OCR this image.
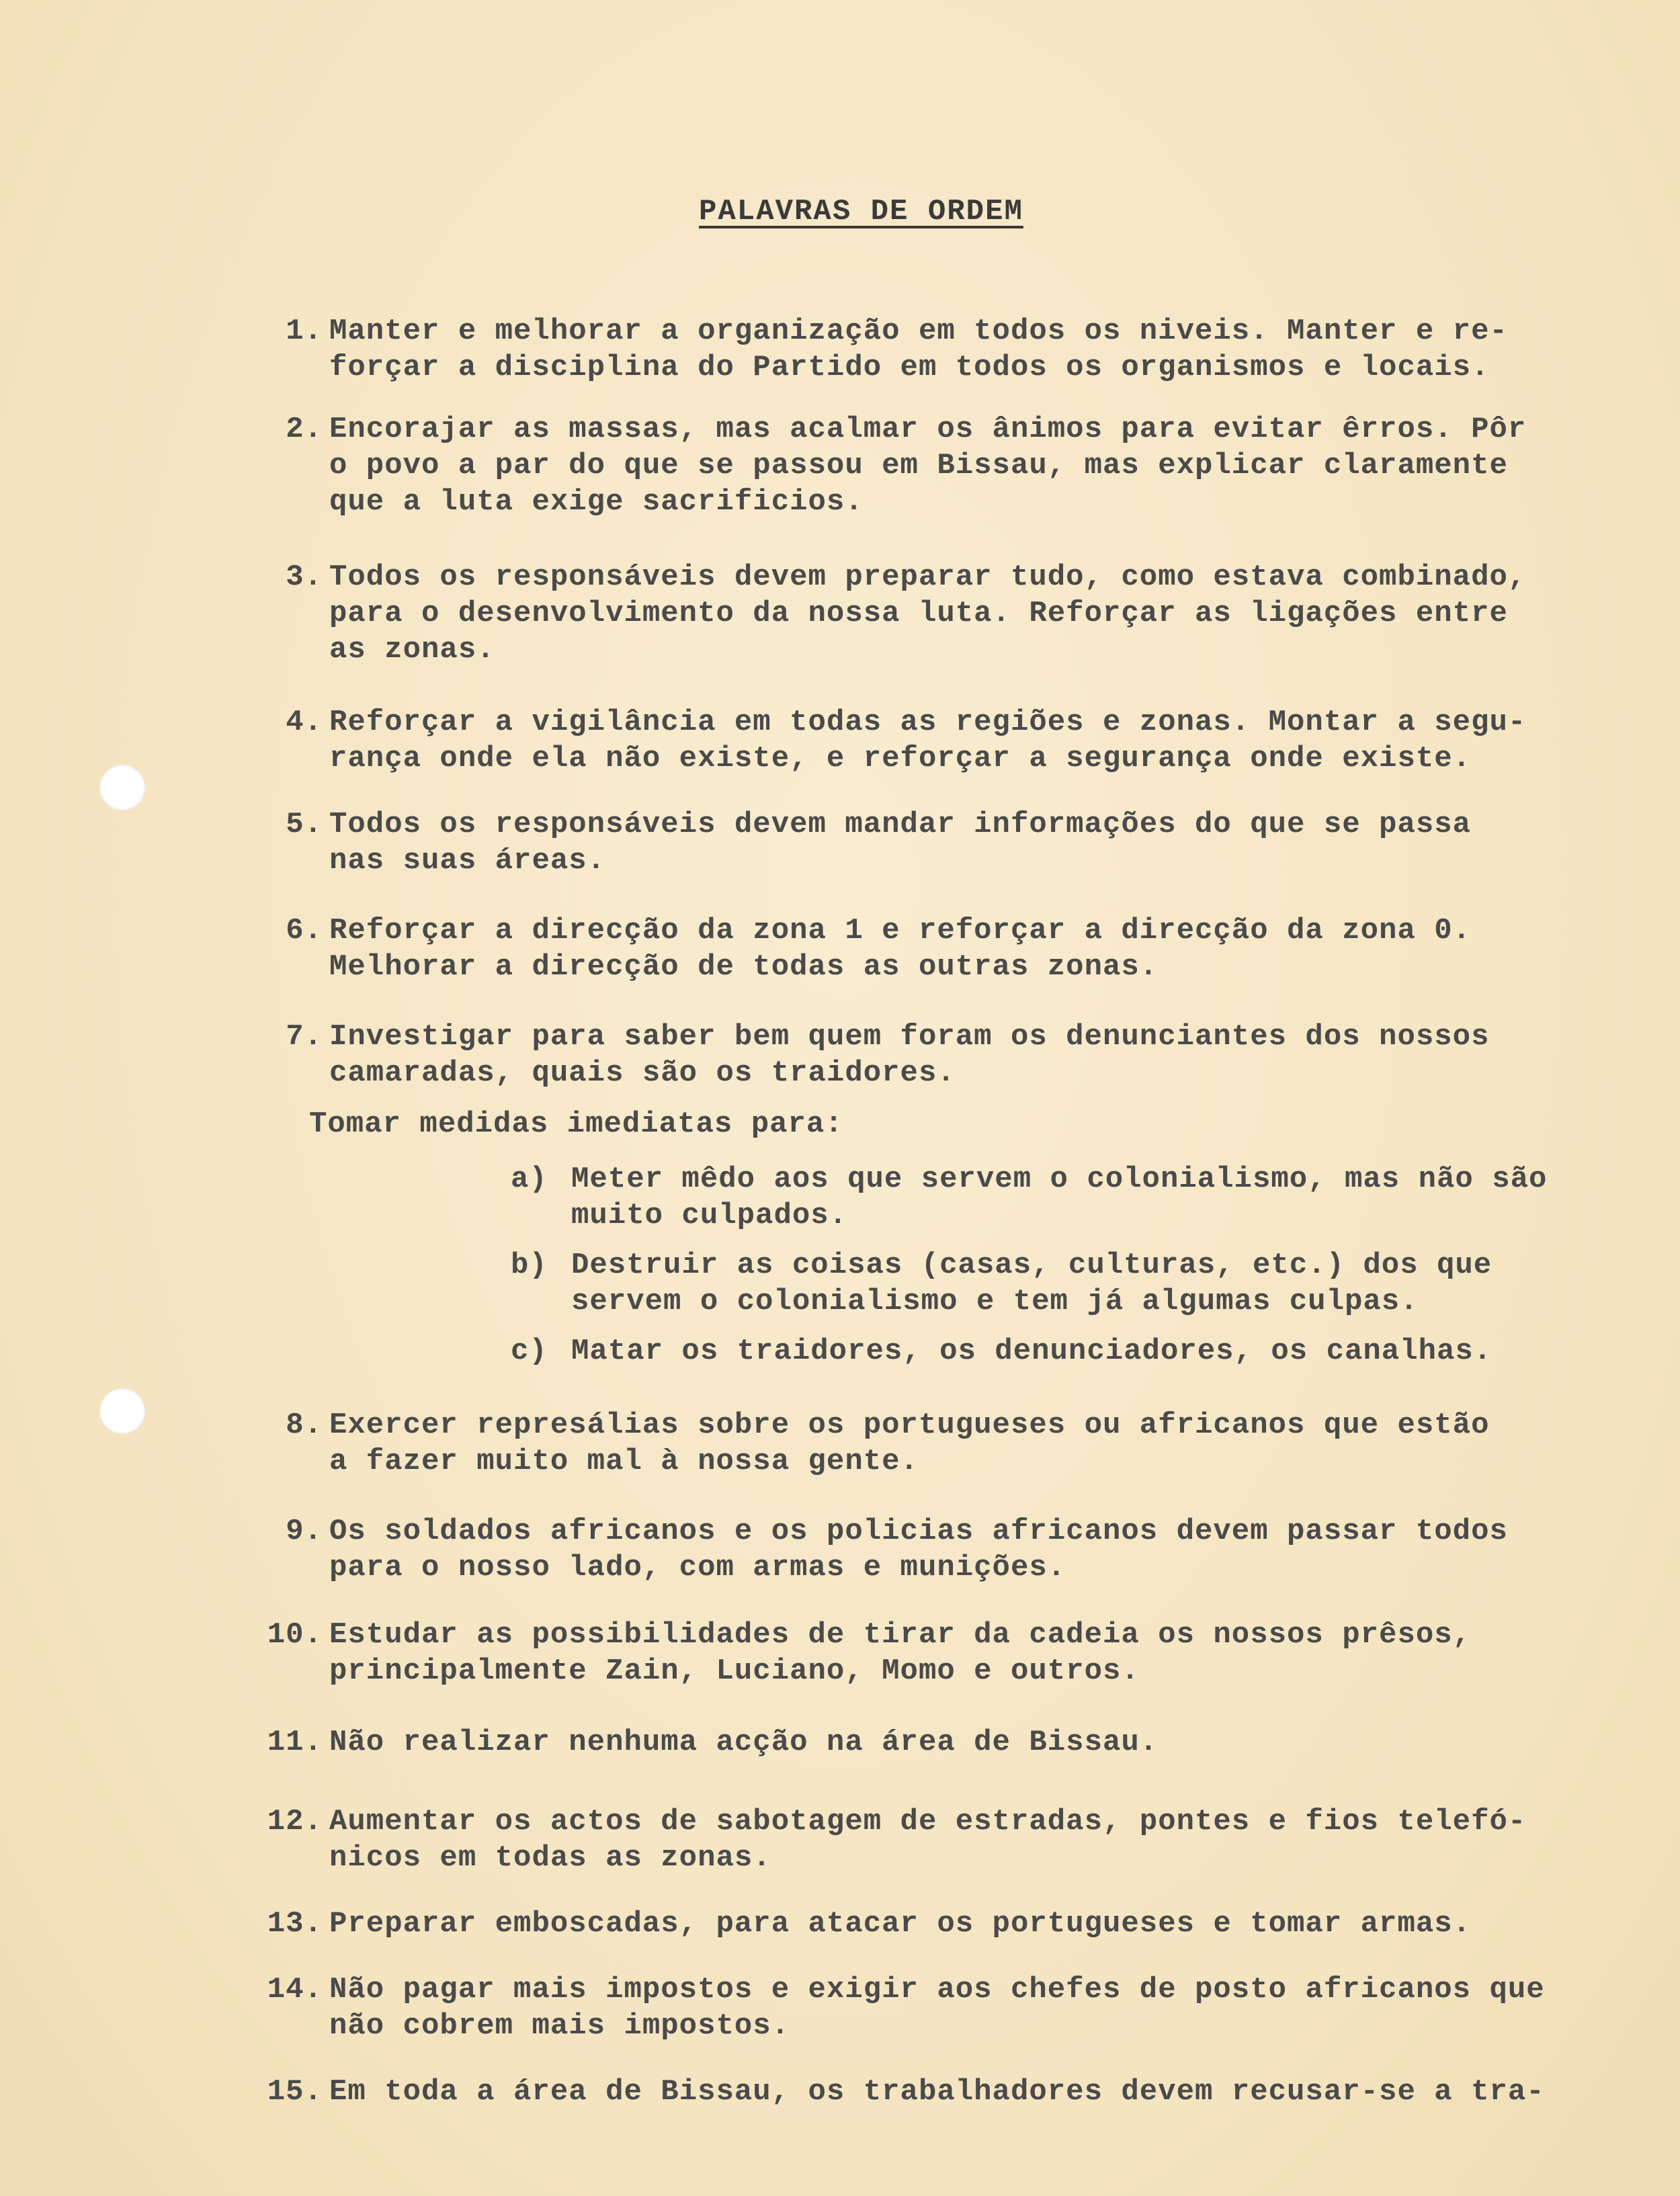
PALAVRAS DE ORDEM
1. Manter e melhorar a organização em todos os niveis. Manter e re-
forçar a disciplina do Partido em todos os organismos e locais.
2. Encorajar as massas, mas acalmar os ânimos para evitar êrros. Pôr
o povo a par do que se passou em Bissau, mas explicar claramente
que a luta exige sacrificios.
3. Todos os responsáveis devem preparar tudo, como estava combinado,
para o desenvolvimento da nossa luta. Reforçar as ligações entre
as zonas.
4. Reforçar a vigilância em todas as regiões e zonas. Montar a segu-
rança onde ela não existe, e reforçar a segurança onde existe.
5. Todos os responsáveis devem mandar informações do que se passa
nas suas áreas.
6. Reforçar a direcção da zona 1 e reforçar a direcção da zona 0.
Melhorar a direcção de todas as outras zonas.
7. Investigar para saber bem quem foram os denunciantes dos nossos
camaradas, quais são os traidores.
Tomar medidas imediatas para:
a) Meter mêdo aos que servem o colonialismo, mas não são
muito culpados.
b) Destruir as coisas (casas, culturas, etc.) dos que
servem o colonialismo e tem já algumas culpas.
c) Matar os traidores, os denunciadores, os canalhas.
8. Exercer represálias sobre os portugueses ou africanos que estão
a fazer muito mal à nossa gente.
9. Os soldados africanos e os policias africanos devem passar todos
para o nosso lado, com armas e munições.
10. Estudar as possibilidades de tirar da cadeia os nossos prêsos,
principalmente Zain, Luciano, Momo e outros.
11. Não realizar nenhuma acção na área de Bissau.
12. Aumentar os actos de sabotagem de estradas, pontes e fios telefó-
nicos em todas as zonas.
13. Preparar emboscadas, para atacar os portugueses e tomar armas.
14. Não pagar mais impostos e exigir aos chefes de posto africanos que
não cobrem mais impostos.
15. Em toda a área de Bissau, os trabalhadores devem recusar-se a tra-
